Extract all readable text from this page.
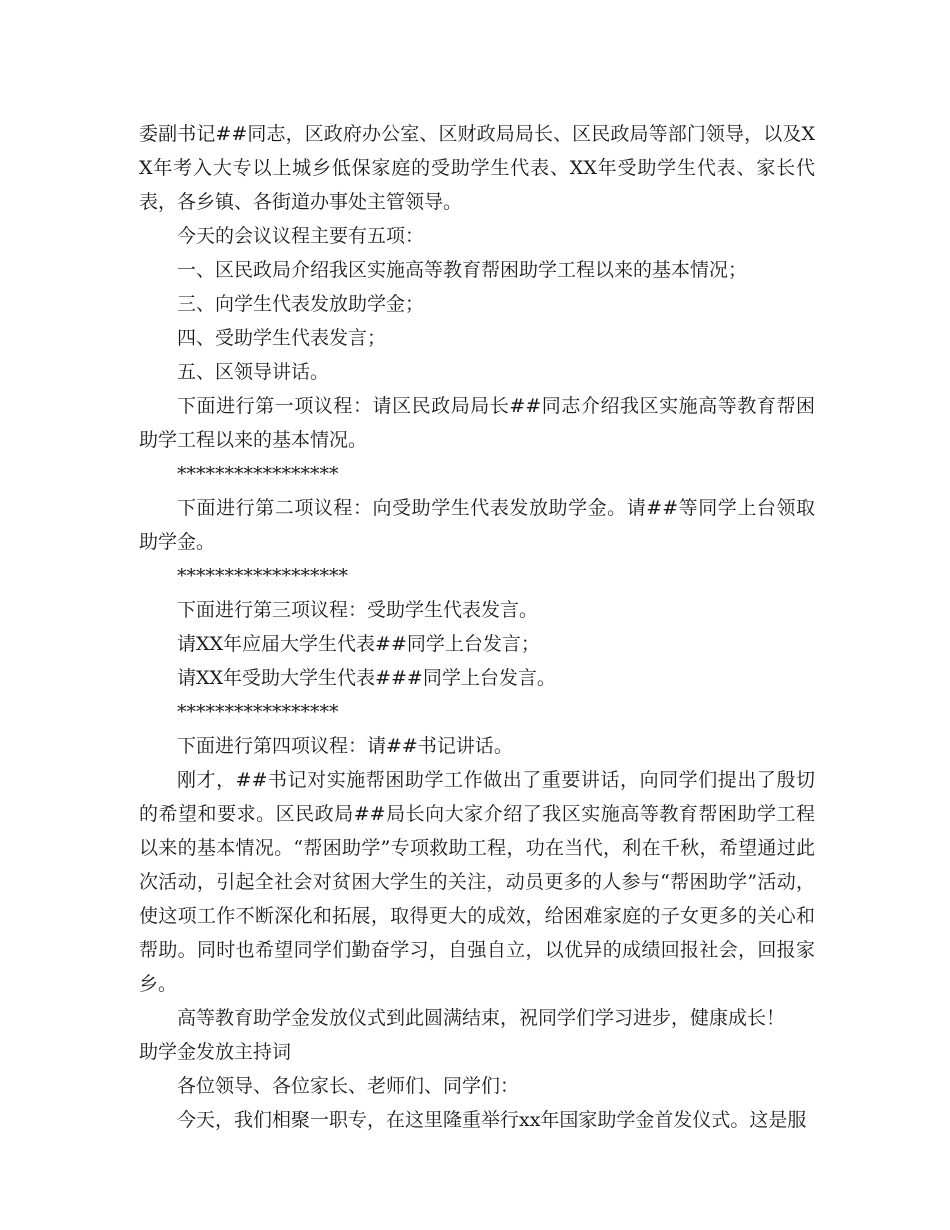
委副书记##同志，区政府办公室、区财政局局长、区民政局等部门领导，以及XX年考入大专以上城乡低保家庭的受助学生代表、XX年受助学生代表、家长代表，各乡镇、各街道办事处主管领导。

今天的会议议程主要有五项：

一、区民政局介绍我区实施高等教育帮困助学工程以来的基本情况；

三、向学生代表发放助学金；

四、受助学生代表发言；

五、区领导讲话。

下面进行第一项议程：请区民政局局长##同志介绍我区实施高等教育帮困助学工程以来的基本情况。

*****************

下面进行第二项议程：向受助学生代表发放助学金。请##等同学上台领取助学金。

******************

下面进行第三项议程：受助学生代表发言。

请XX年应届大学生代表##同学上台发言；

请XX年受助大学生代表###同学上台发言。

*****************

下面进行第四项议程：请##书记讲话。

刚才，##书记对实施帮困助学工作做出了重要讲话，向同学们提出了殷切的希望和要求。区民政局##局长向大家介绍了我区实施高等教育帮困助学工程以来的基本情况。“帮困助学”专项救助工程，功在当代，利在千秋，希望通过此次活动，引起全社会对贫困大学生的关注，动员更多的人参与“帮困助学”活动，使这项工作不断深化和拓展，取得更大的成效，给困难家庭的子女更多的关心和帮助。同时也希望同学们勤奋学习，自强自立，以优异的成绩回报社会，回报家乡。

高等教育助学金发放仪式到此圆满结束，祝同学们学习进步，健康成长！

助学金发放主持词

各位领导、各位家长、老师们、同学们：

今天，我们相聚一职专，在这里隆重举行xx年国家助学金首发仪式。这是服
